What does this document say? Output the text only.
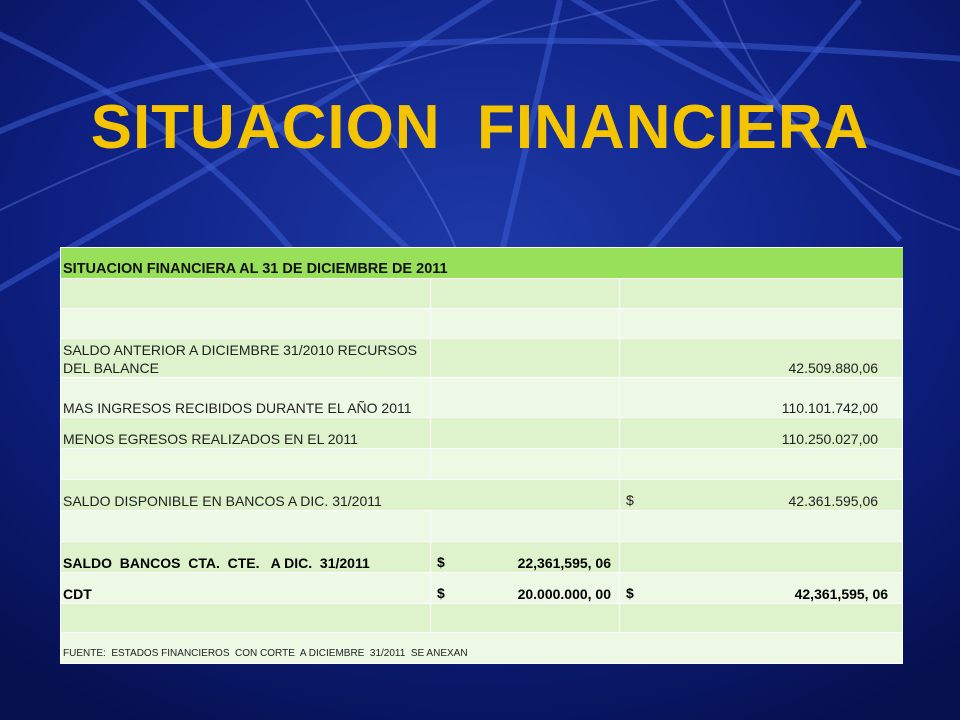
SITUACION  FINANCIERA
SITUACION FINANCIERA AL 31 DE DICIEMBRE DE 2011		

SALDO ANTERIOR A DICIEMBRE 31/2010 RECURSOS DEL BALANCE		42.509.880,06
MAS INGRESOS RECIBIDOS DURANTE EL AÑO 2011		110.101.742,00
MENOS EGRESOS REALIZADOS EN EL 2011		110.250.027,00

SALDO DISPONIBLE EN BANCOS A DIC. 31/2011		$ 42.361.595,06

SALDO  BANCOS  CTA.  CTE.   A DIC.  31/2011	$ 22,361,595, 06	

CDT	$ 20.000.000, 00	$ 42,361,595, 06

FUENTE:  ESTADOS FINANCIEROS  CON CORTE  A DICIEMBRE  31/2011  SE ANEXAN		
